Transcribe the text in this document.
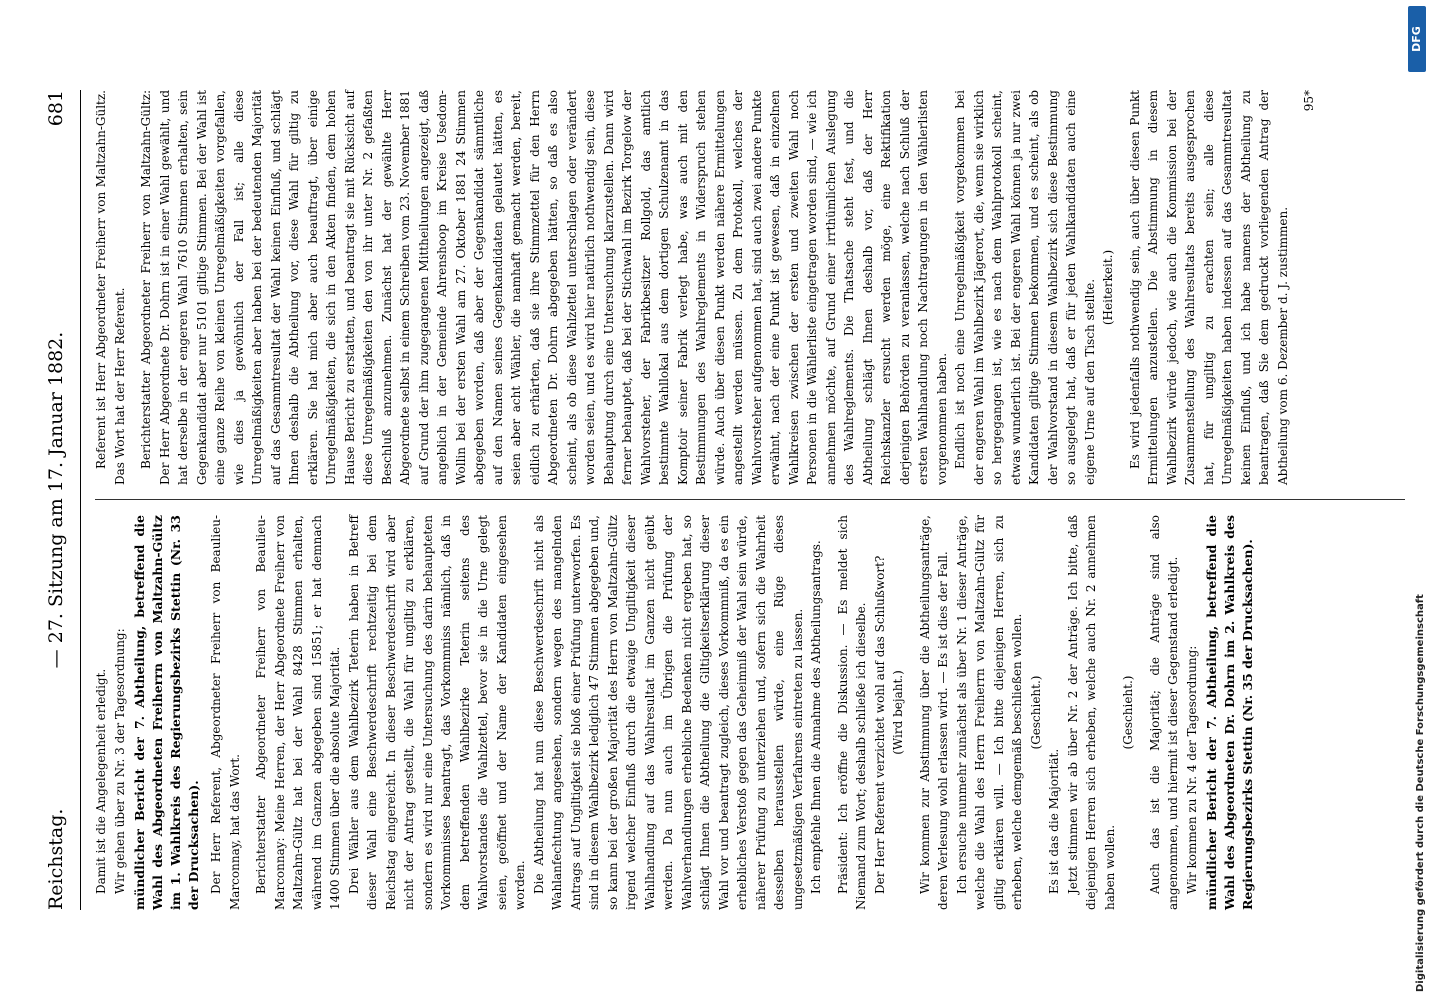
Reichstag.
— 27. Sitzung am 17. Januar 1882.
681

Damit ist die Angelegenheit erledigt. Wir gehen über zu Nr. 3 der Tagesordnung: mündlicher Bericht der 7. Abtheilung, betreffend die Wahl des Abgeordneten Freiherrn von Maltzahn-Gültz im 1. Wahlkreis des Regierungsbezirks Stettin (Nr. 33 der Drucksachen). Der Herr Referent, Abgeordneter Freiherr von Beaulieu-Marconnay, hat das Wort. Berichterstatter Abgeordneter Freiherr von Beaulieu-Marconnay: Meine Herren, der Herr Abgeordnete Freiherr von Maltzahn-Gültz hat bei der Wahl 8428 Stimmen erhalten, während im Ganzen abgegeben sind 15851; er hat demnach 1400 Stimmen über die absolute Majorität. Drei Wähler aus dem Wahlbezirk Teterin haben in Betreff dieser Wahl eine Beschwerdeschrift rechtzeitig bei dem Reichstag eingereicht. In dieser Beschwerdeschrift wird aber nicht der Antrag gestellt, die Wahl für ungiltig zu erklären, sondern es wird nur eine Untersuchung des darin behaupteten Vorkommnisses beantragt, das Vorkommniss nämlich, daß in dem betreffenden Wahlbezirke Teterin seitens des Wahlvorstandes die Wahlzettel, bevor sie in die Urne gelegt seien, geöffnet und der Name der Kandidaten eingesehen worden. Die Abtheilung hat nun diese Beschwerdeschrift nicht als Wahlanfechtung angesehen, sondern wegen des mangelnden Antrags auf Ungiltigkeit sie bloß einer Prüfung unterworfen. Es sind in diesem Wahlbezirk lediglich 47 Stimmen abgegeben und, so kann bei der großen Majorität des Herrn von Maltzahn-Gültz irgend welcher Einfluß durch die etwaige Ungiltigkeit dieser Wahlhandlung auf das Wahlresultat im Ganzen nicht geübt werden. Da nun auch im Übrigen die Prüfung der Wahlverhandlungen erhebliche Bedenken nicht ergeben hat, so schlägt Ihnen die Abtheilung die Giltigkeitserklärung dieser Wahl vor und beantragt zugleich, dieses Vorkommniß, da es ein erhebliches Verstoß gegen das Geheimniß der Wahl sein würde, näherer Prüfung zu unterziehen und, sofern sich die Wahrheit desselben herausstellen würde, eine Rüge dieses ungesetzmäßigen Verfahrens eintreten zu lassen. Ich empfehle Ihnen die Annahme des Abtheilungsantrags. Präsident: Ich eröffne die Diskussion. — Es meldet sich Niemand zum Wort; deshalb schließe ich dieselbe. Der Herr Referent verzichtet wohl auf das Schlußwort? (Wird bejaht.) Wir kommen zur Abstimmung über die Abtheilungsanträge, deren Verlesung wohl erlassen wird. — Es ist dies der Fall. Ich ersuche nunmehr zunächst als über Nr. 1 dieser Anträge, welche die Wahl des Herrn Freiherrn von Maltzahn-Gültz für giltig erklären will. — Ich bitte diejenigen Herren, sich zu erheben, welche demgemäß beschließen wollen. (Geschieht.)

Es ist das die Majorität. Jetzt stimmen wir ab über Nr. 2 der Anträge. Ich bitte, daß diejenigen Herren sich erheben, welche auch Nr. 2 annehmen haben wollen.

(Geschieht.) Auch das ist die Majorität; die Anträge sind also angenommen, und hiermit ist dieser Gegenstand erledigt. Wir kommen zu Nr. 4 der Tagesordnung: mündlicher Bericht der 7. Abtheilung, betreffend die Wahl des Abgeordneten Dr. Dohrn im 2. Wahlkreis des Regierungsbezirks Stettin (Nr. 35 der Drucksachen).

Referent ist Herr Abgeordneter Freiherr von Maltzahn-Gültz. Das Wort hat der Herr Referent. Berichterstatter Abgeordneter Freiherr von Maltzahn-Gültz: Der Herr Abgeordnete Dr. Dohrn ist in einer Wahl gewählt, und hat derselbe in der engeren Wahl 7610 Stimmen erhalten, sein Gegenkandidat aber nur 5101 giltige Stimmen. Bei der Wahl ist eine ganze Reihe von kleinen Unregelmäßigkeiten vorgefallen, wie dies ja gewöhnlich der Fall ist; alle diese Unregelmäßigkeiten aber haben bei der bedeutenden Majorität auf das Gesammtresultat der Wahl keinen Einfluß, und schlägt Ihnen deshalb die Abtheilung vor, diese Wahl für giltig zu erklären. Sie hat mich aber auch beauftragt, über einige Unregelmäßigkeiten, die sich in den Akten finden, dem hohen Hause Bericht zu erstatten, und beantragt sie mit Rücksicht auf diese Unregelmäßigkeiten den von ihr unter Nr. 2 gefaßten Beschluß anzunehmen. Zunächst hat der gewählte Herr Abgeordnete selbst in einem Schreiben vom 23. November 1881 auf Grund der ihm zugegangenen Mittheilungen angezeigt, daß angeblich in der Gemeinde Ahrenshoop im Kreise Usedom-Wollin bei der ersten Wahl am 27. Oktober 1881 24 Stimmen abgegeben worden, daß aber der Gegenkandidat sämmtliche auf den Namen seines Gegenkandidaten gelautet hätten, es seien aber acht Wähler, die namhaft gemacht werden, bereit, eidlich zu erhärten, daß sie ihre Stimmzettel für den Herrn Abgeordneten Dr. Dohrn abgegeben hätten, so daß es also scheint, als ob diese Wahlzettel unterschlagen oder verändert worden seien, und es wird hier natürlich nothwendig sein, diese Behauptung durch eine Untersuchung klarzustellen. Dann wird ferner behauptet, daß bei der Stichwahl im Bezirk Torgelow der Wahlvorsteher, der Fabrikbesitzer Rollgold, das amtlich bestimmte Wahllokal aus dem dortigen Schulzenamt in das Komptoir seiner Fabrik verlegt habe, was auch mit den Bestimmungen des Wahlreglements in Widerspruch stehen würde. Auch über diesen Punkt werden nähere Ermittelungen angestellt werden müssen. Zu dem Protokoll, welches der Wahlvorsteher aufgenommen hat, sind auch zwei andere Punkte erwähnt, nach der eine Punkt ist gewesen, daß in einzelnen Wahlkreisen zwischen der ersten und zweiten Wahl noch Personen in die Wählerliste eingetragen worden sind, — wie ich annehmen möchte, auf Grund einer irrthümlichen Auslegung des Wahlreglements. Die Thatsache steht fest, und die Abtheilung schlägt Ihnen deshalb vor, daß der Herr Reichskanzler ersucht werden möge, eine Rektifikation derjenigen Behörden zu veranlassen, welche nach Schluß der ersten Wahlhandlung noch Nachtragungen in den Wählerlisten vorgenommen haben. Endlich ist noch eine Unregelmäßigkeit vorgekommen bei der engeren Wahl im Wahlbezirk Jägerort, die, wenn sie wirklich so hergegangen ist, wie es nach dem Wahlprotokoll scheint, etwas wunderlich ist. Bei der engeren Wahl können ja nur zwei Kandidaten giltige Stimmen bekommen, und es scheint, als ob der Wahlvorstand in diesem Wahlbezirk sich diese Bestimmung so ausgelegt hat, daß er für jeden Wahlkandidaten auch eine eigene Urne auf den Tisch stellte. (Heiterkeit.) Es wird jedenfalls nothwendig sein, auch über diesen Punkt Ermittelungen anzustellen. Die Abstimmung in diesem Wahlbezirk würde jedoch, wie auch die Kommission bei der Zusammenstellung des Wahlresultats bereits ausgesprochen hat, für ungiltig zu erachten sein; alle diese Unregelmäßigkeiten haben indessen auf das Gesammtresultat keinen Einfluß, und ich habe namens der Abtheilung zu beantragen, daß Sie dem gedruckt vorliegenden Antrag der Abtheilung vom 6. Dezember d. J. zustimmen.

95*

Digitalisierung gefördert durch die Deutsche Forschungsgemeinschaft
DFG
